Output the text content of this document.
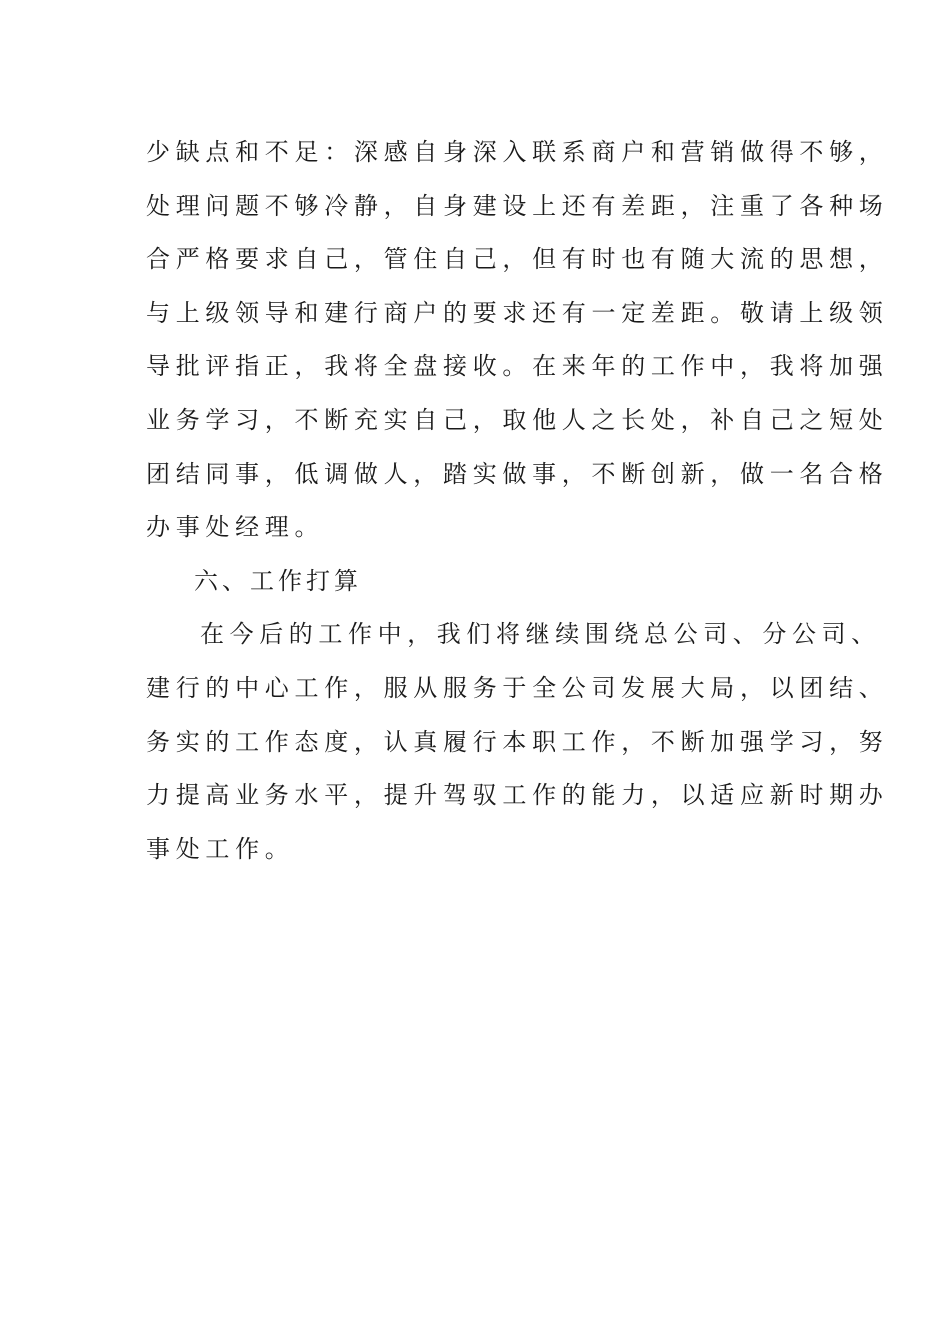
少缺点和不足：深感自身深入联系商户和营销做得不够，
处理问题不够冷静，自身建设上还有差距，注重了各种场
合严格要求自己，管住自己，但有时也有随大流的思想，
与上级领导和建行商户的要求还有一定差距。敬请上级领
导批评指正，我将全盘接收。在来年的工作中，我将加强
业务学习，不断充实自己，取他人之长处，补自己之短处
团结同事，低调做人，踏实做事，不断创新，做一名合格
办事处经理。
六、工作打算
在今后的工作中，我们将继续围绕总公司、分公司、
建行的中心工作，服从服务于全公司发展大局，以团结、
务实的工作态度，认真履行本职工作，不断加强学习，努
力提高业务水平，提升驾驭工作的能力，以适应新时期办
事处工作。
